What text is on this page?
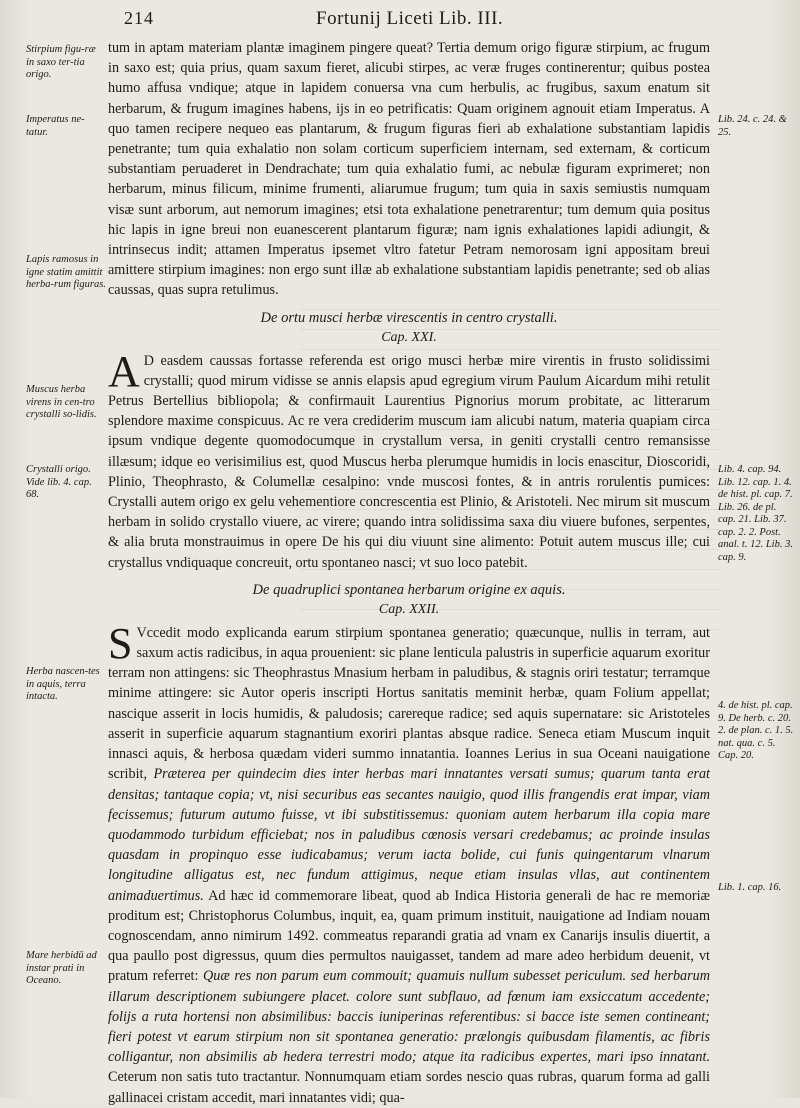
214	Fortunij Liceti Lib. III.
Stirpium figu-ræ in saxo ter-tia origo.
Imperatus ne-tatur.
Lapis ramosus in igne statim amittit herba-rum figuras.
Muscus herba virens in cen-tro crystalli so-lidis.
Crystalli origo. Vide lib. 4. cap. 68.
Herba nascen-tes in aquis, terra intacta.
Mare herbidū ad instar prati in Oceano.
Lib. 24. c. 24. & 25.
Lib. 4. cap. 94. Lib. 12. cap. 1. 4. de hist. pl. cap. 7. Lib. 26. de pl. cap. 21. Lib. 37. cap. 2. 2. Post. anal. t. 12. Lib. 3. cap. 9.
4. de hist. pl. cap. 9. De herb. c. 20. 2. de plan. c. 1. 5. nat. qua. c. 5. Cap. 20.
Lib. 1. cap. 16.

tum in aptam materiam plantæ imaginem pingere queat? Tertia demum origo figuræ stirpium, ac frugum in saxo est; quia prius, quam saxum fieret, alicubi stirpes, ac veræ fruges continerentur; quibus postea humo affusa vndique; atque in lapidem conuersa vna cum herbulis, ac frugibus, saxum enatum sit herbarum, & frugum imagines habens, ijs in eo petrificatis: Quam originem agnouit etiam Imperatus. A quo tamen recipere nequeo eas plantarum, & frugum figuras fieri ab exhalatione substantiam lapidis penetrante; tum quia exhalatio non solam corticum superficiem internam, sed externam, & corticum substantiam peruaderet in Dendrachate; tum quia exhalatio fumi, ac nebulæ figuram exprimeret; non herbarum, minus filicum, minime frumenti, aliarumue frugum; tum quia in saxis semiustis numquam visæ sunt arborum, aut nemorum imagines; etsi tota exhalatione penetrarentur; tum demum quia positus hic lapis in igne breui non euanescerent plantarum figuræ; nam ignis exhalationes lapidi adiungit, & intrinsecus indit; attamen Imperatus ipsemet vltro fatetur Petram nemorosam igni appositam breui amittere stirpium imagines: non ergo sunt illæ ab exhalatione substantiam lapidis penetrante; sed ob alias caussas, quas supra retulimus.

De ortu musci herbæ virescentis in centro crystalli.
Cap. XXI.

A D easdem caussas fortasse referenda est origo musci herbæ mire virentis in frusto solidissimi crystalli; quod mirum vidisse se annis elapsis apud egregium virum Paulum Aicardum mihi retulit Petrus Bertellius bibliopola; & confirmauit Laurentius Pignorius morum probitate, ac litterarum splendore maxime conspicuus. Ac re vera crediderim muscum iam alicubi natum, materia quapiam circa ipsum vndique degente quomodocumque in crystallum versa, in geniti crystalli centro remansisse illæsum; idque eo verisimilius est, quod Muscus herba plerumque humidis in locis enascitur, Dioscoridi, Plinio, Theophrasto, & Columellæ cesalpino: vnde muscosi fontes, & in antris rorulentis pumices: Crystalli autem origo ex gelu vehementiore concrescentia est Plinio, & Aristoteli. Nec mirum sit muscum herbam in solido crystallo viuere, ac virere; quando intra solidissima saxa diu viuere bufones, serpentes, & alia bruta monstrauimus in opere De his qui diu viuunt sine alimento: Potuit autem muscus ille; cui crystallus vndiquaque concreuit, ortu spontaneo nasci; vt suo loco patebit.

De quadruplici spontanea herbarum origine ex aquis.
Cap. XXII.

S Vccedit modo explicanda earum stirpium spontanea generatio; quæcunque, nullis in terram, aut saxum actis radicibus, in aqua prouenient: sic plane lenticula palustris in superficie aquarum exoritur terram non attingens: sic Theophrastus Mnasium herbam in paludibus, & stagnis oriri testatur; terramque minime attingere: sic Autor operis inscripti Hortus sanitatis meminit herbæ, quam Folium appellat; nascique asserit in locis humidis, & paludosis; carereque radice; sed aquis supernatare: sic Aristoteles asserit in superficie aquarum stagnantium exoriri plantas absque radice. Seneca etiam Muscum inquit innasci aquis, & herbosa quædam videri summo innatantia. Ioannes Lerius in sua Oceani nauigatione scribit, Præterea per quindecim dies inter herbas mari innatantes versati sumus; quarum tanta erat densitas; tantaque copia; vt, nisi securibus eas secantes nauigio, quod illis frangendis erat impar, viam fecissemus; futurum autumo fuisse, vt ibi substitissemus: quoniam autem herbarum illa copia mare quodammodo turbidum efficiebat; nos in paludibus cœnosis versari credebamus; ac proinde insulas quasdam in propinquo esse iudicabamus; verum iacta bolide, cui funis quingentarum vlnarum longitudine alligatus est, nec fundum attigimus, neque etiam insulas vllas, aut continentem animaduertimus. Ad hæc id commemorare libeat, quod ab Indica Historia generali de hac re memoriæ proditum est; Christophorus Columbus, inquit, ea, quam primum instituit, nauigatione ad Indiam nouam cognoscendam, anno nimirum 1492. commeatus reparandi gratia ad vnam ex Canarijs insulis diuertit, a qua paullo post digressus, quum dies permultos nauigasset, tandem ad mare adeo herbidum deuenit, vt pratum referret: Quæ res non parum eum commouit; quamuis nullum subesset periculum. sed herbarum illarum descriptionem subiungere placet. colore sunt subflauo, ad fœnum iam exsiccatum accedente; folijs a ruta hortensi non absimilibus: baccis iuniperinas referentibus: si bacce iste semen contineant; fieri potest vt earum stirpium non sit spontanea generatio: prælongis quibusdam filamentis, ac fibris colligantur, non absimilis ab hedera terrestri modo; atque ita radicibus expertes, mari ipso innatant. Ceterum non satis tuto tractantur. Nonnumquam etiam sordes nescio quas rubras, quarum forma ad galli gallinacei cristam accedit, mari innatantes vidi; qua-
